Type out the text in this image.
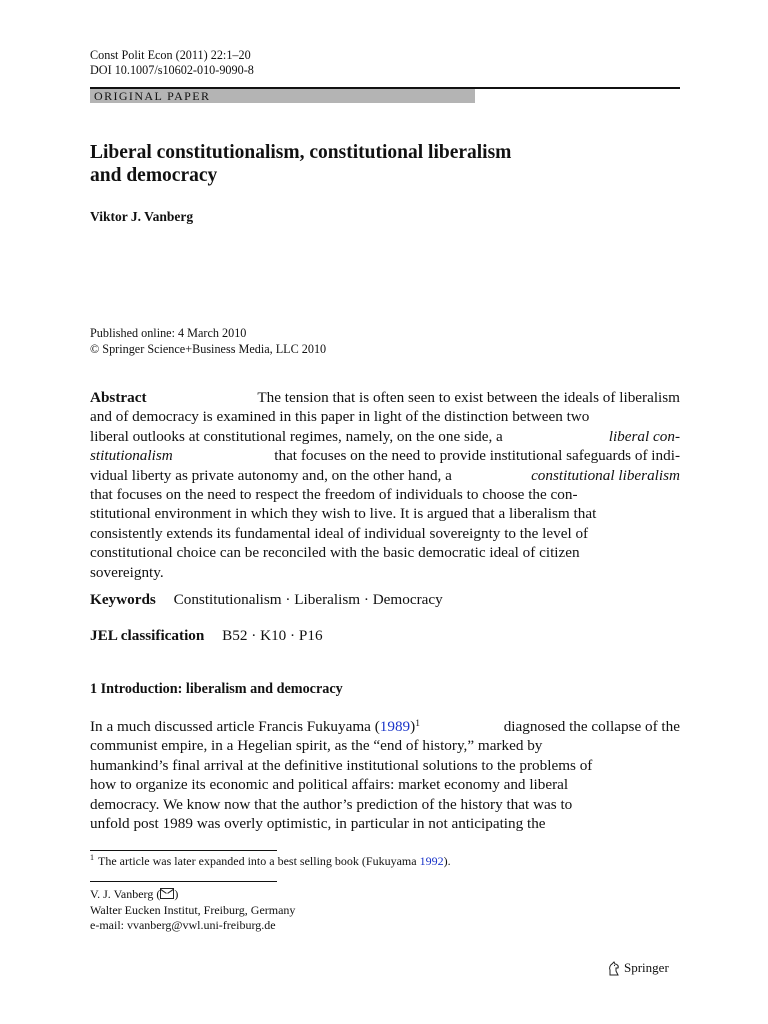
Const Polit Econ (2011) 22:1–20
DOI 10.1007/s10602-010-9090-8
ORIGINAL PAPER
Liberal constitutionalism, constitutional liberalism
and democracy
Viktor J. Vanberg
Published online: 4 March 2010
© Springer Science+Business Media, LLC 2010
Abstract	The tension that is often seen to exist between the ideals of liberalism
and of democracy is examined in this paper in light of the distinction between two
liberal outlooks at constitutional regimes, namely, on the one side, a	liberal con-
stitutionalism	that focuses on the need to provide institutional safeguards of indi-
vidual liberty as private autonomy and, on the other hand, a	constitutional liberalism
that focuses on the need to respect the freedom of individuals to choose the con-
stitutional environment in which they wish to live. It is argued that a liberalism that
consistently extends its fundamental ideal of individual sovereignty to the level of
constitutional choice can be reconciled with the basic democratic ideal of citizen
sovereignty.
Keywords Constitutionalism · Liberalism · Democracy
JEL classification B52 · K10 · P16
1 Introduction: liberalism and democracy
In a much discussed article Francis Fukuyama $(1989)^1$	diagnosed the collapse of the
communist empire, in a Hegelian spirit, as the “end of history,” marked by
humankind’s final arrival at the definitive institutional solutions to the problems of
how to organize its economic and political affairs: market economy and liberal
democracy. We know now that the author’s prediction of the history that was to
unfold post 1989 was overly optimistic, in particular in not anticipating the
$^1$ The article was later expanded into a best selling book (Fukuyama 1992).
V. J. Vanberg ( )
Walter Eucken Institut, Freiburg, Germany
e-mail: vvanberg@vwl.uni-freiburg.de
Springer
